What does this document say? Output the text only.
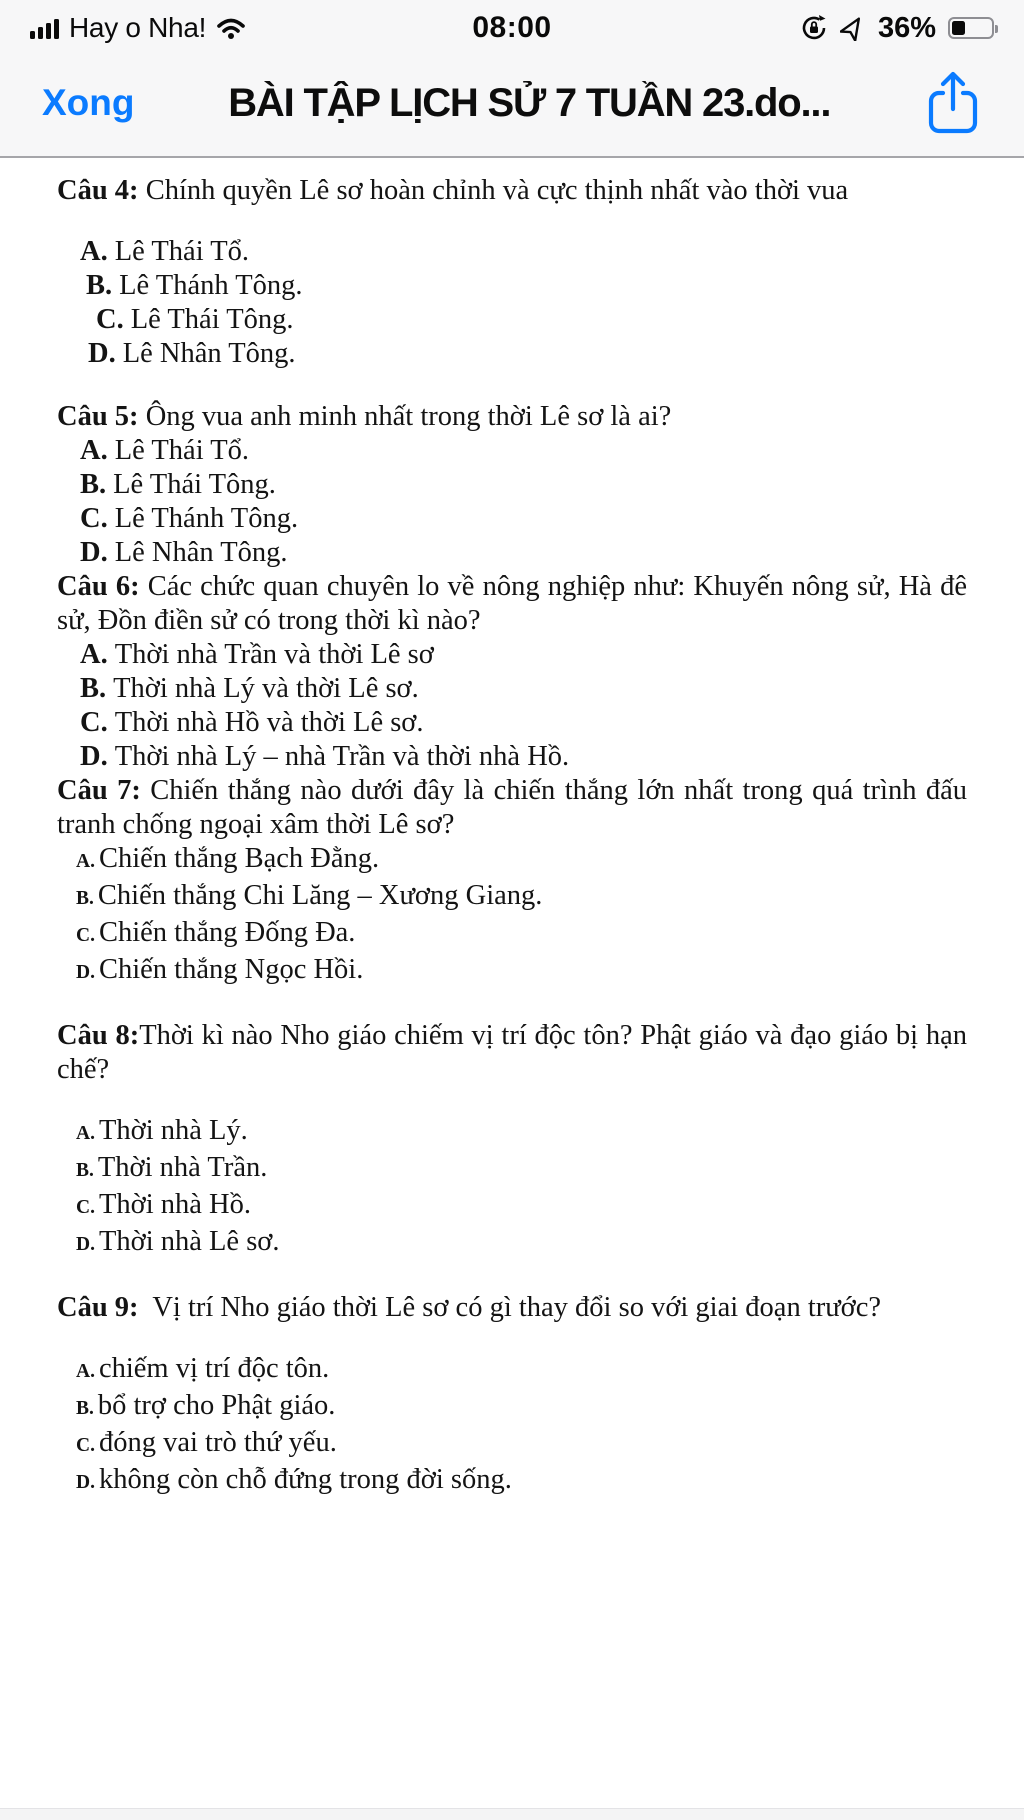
Hay o Nha!	08:00	36%
Xong	BÀI TẬP LỊCH SỬ 7 TUẦN 23.do...

Câu 4: Chính quyền Lê sơ hoàn chỉnh và cực thịnh nhất vào thời vua

A. Lê Thái Tổ.

B. Lê Thánh Tông.

C. Lê Thái Tông.

D. Lê Nhân Tông.

Câu 5: Ông vua anh minh nhất trong thời Lê sơ là ai?

A. Lê Thái Tổ.

B. Lê Thái Tông.

C. Lê Thánh Tông.

D. Lê Nhân Tông.

Câu 6: Các chức quan chuyên lo về nông nghiệp như: Khuyến nông sử, Hà đê sử, Đồn điền sử có trong thời kì nào?

A. Thời nhà Trần và thời Lê sơ

B. Thời nhà Lý và thời Lê sơ.

C. Thời nhà Hồ và thời Lê sơ.

D. Thời nhà Lý – nhà Trần và thời nhà Hồ.

Câu 7: Chiến thắng nào dưới đây là chiến thắng lớn nhất trong quá trình đấu tranh chống ngoại xâm thời Lê sơ?

A. Chiến thắng Bạch Đằng.

B. Chiến thắng Chi Lăng – Xương Giang.

C. Chiến thắng Đống Đa.

D. Chiến thắng Ngọc Hồi.

Câu 8:Thời kì nào Nho giáo chiếm vị trí độc tôn? Phật giáo và đạo giáo bị hạn chế?

A. Thời nhà Lý.

B. Thời nhà Trần.

C. Thời nhà Hồ.

D. Thời nhà Lê sơ.

Câu 9: Vị trí Nho giáo thời Lê sơ có gì thay đổi so với giai đoạn trước?

A. chiếm vị trí độc tôn.

B. bổ trợ cho Phật giáo.

C. đóng vai trò thứ yếu.

D. không còn chỗ đứng trong đời sống.
